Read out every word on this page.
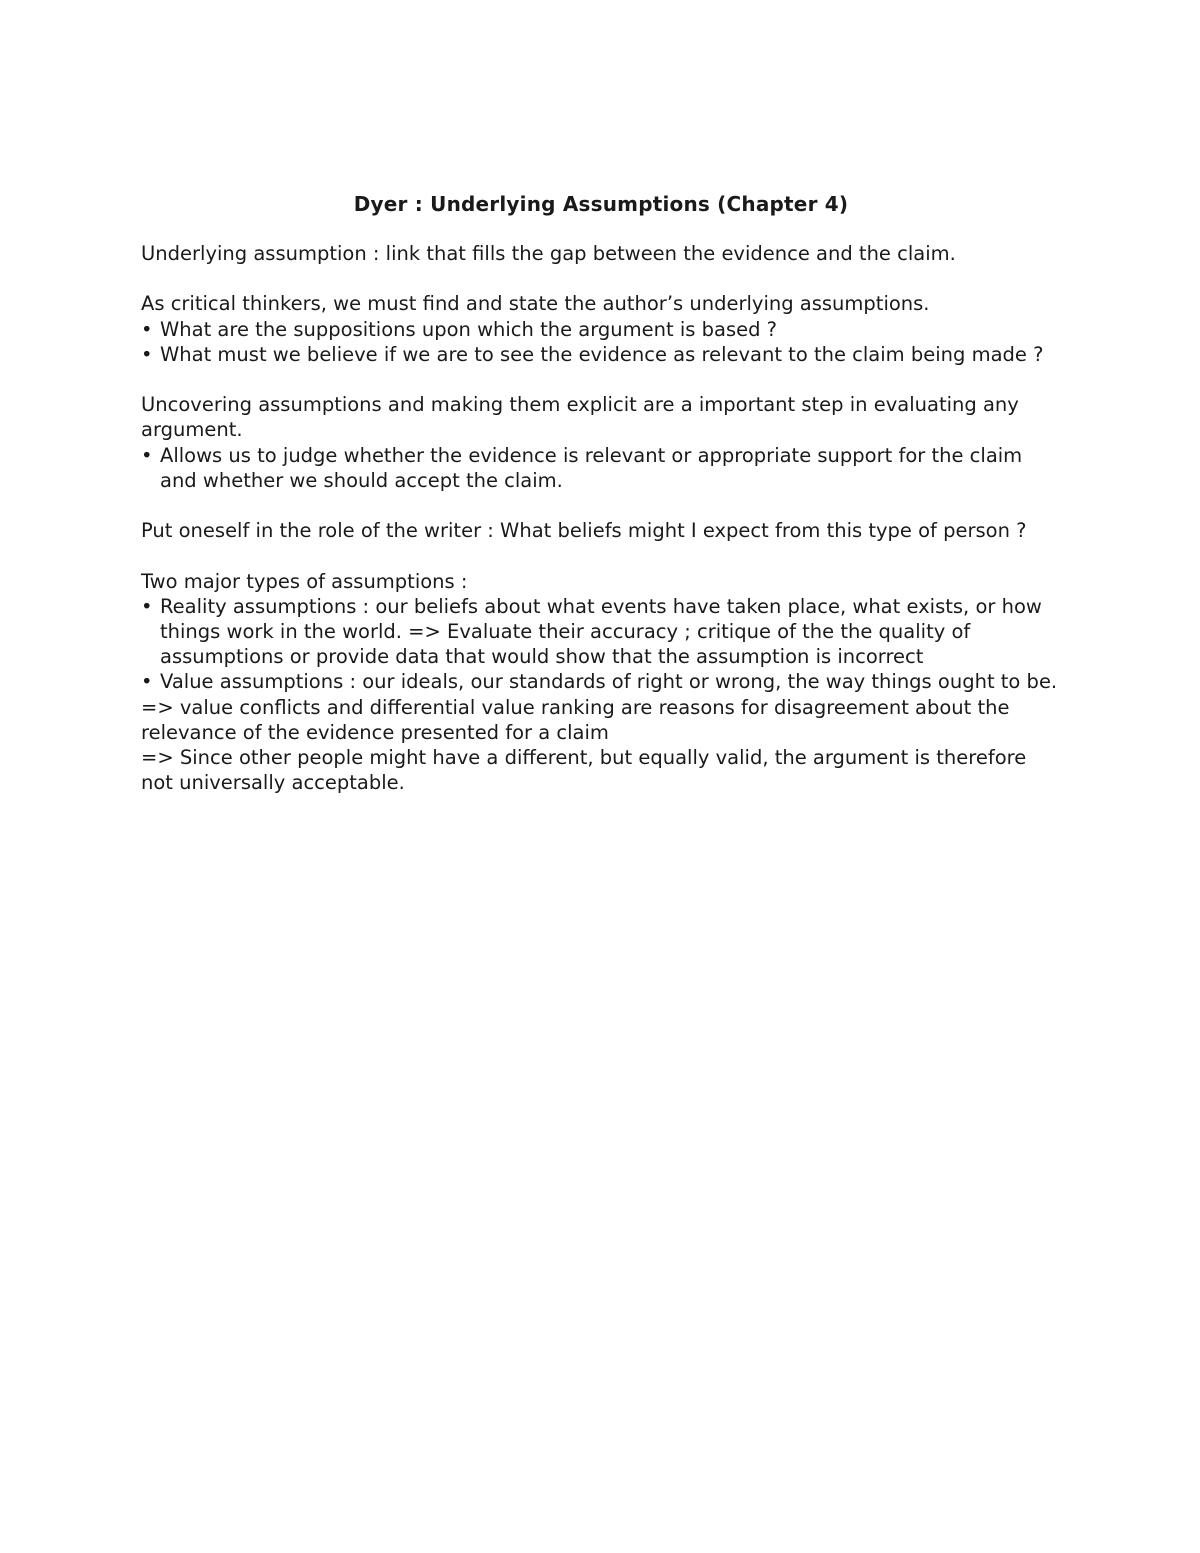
Dyer : Underlying Assumptions (Chapter 4)

Underlying assumption : link that fills the gap between the evidence and the claim.

As critical thinkers, we must find and state the author’s underlying assumptions.

• What are the suppositions upon which the argument is based ?
• What must we believe if we are to see the evidence as relevant to the claim being made ?

Uncovering assumptions and making them explicit are a important step in evaluating any argument.

• Allows us to judge whether the evidence is relevant or appropriate support for the claim and whether we should accept the claim.

Put oneself in the role of the writer : What beliefs might I expect from this type of person ?

Two major types of assumptions :

• Reality assumptions : our beliefs about what events have taken place, what exists, or how things work in the world. => Evaluate their accuracy ; critique of the the quality of assumptions or provide data that would show that the assumption is incorrect
• Value assumptions : our ideals, our standards of right or wrong, the way things ought to be.

=> value conflicts and differential value ranking are reasons for disagreement about the relevance of the evidence presented for a claim

=> Since other people might have a different, but equally valid, the argument is therefore not universally acceptable.
